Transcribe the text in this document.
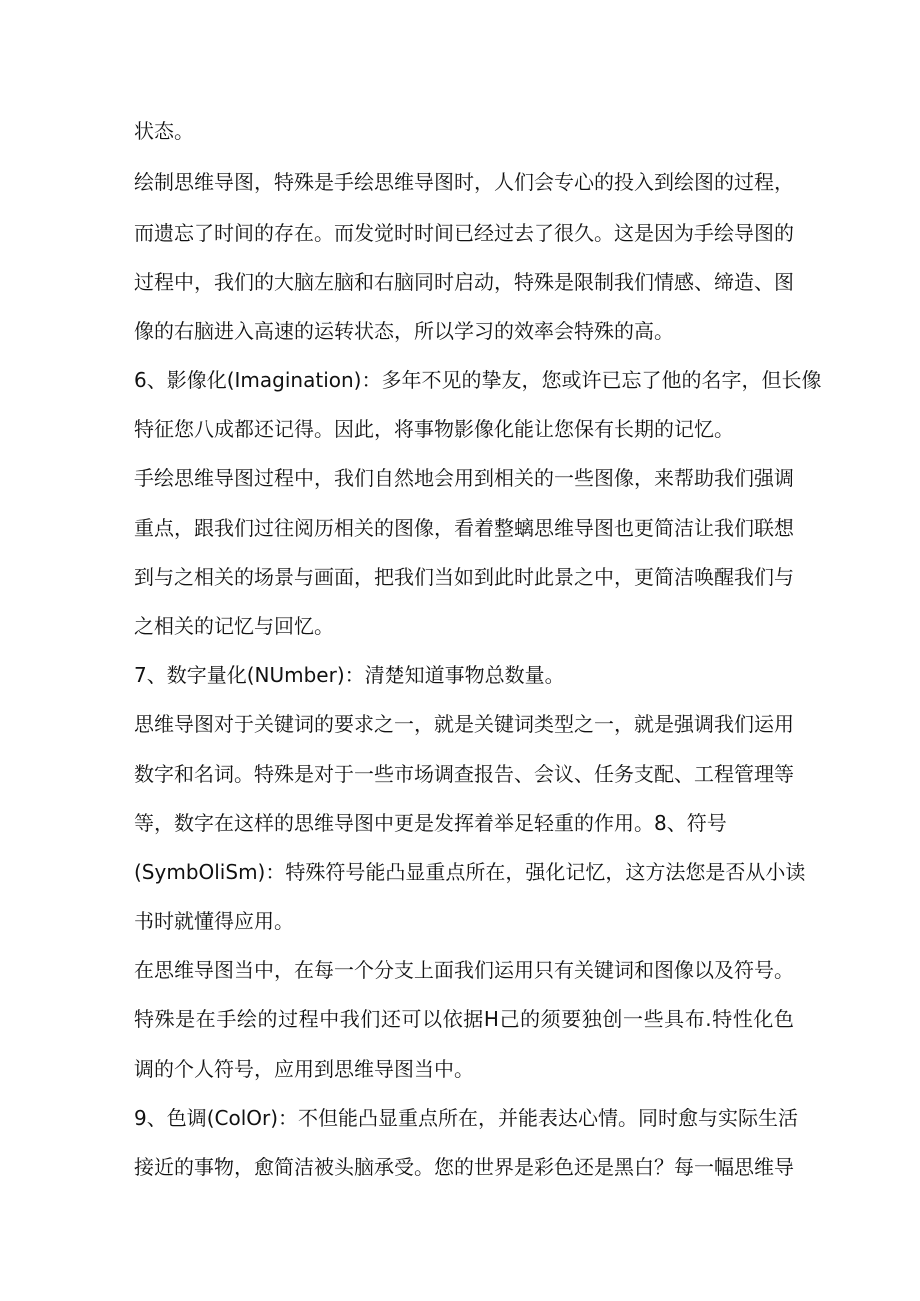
状态。
绘制思维导图，特殊是手绘思维导图时，人们会专心的投入到绘图的过程，
而遗忘了时间的存在。而发觉时时间已经过去了很久。这是因为手绘导图的
过程中，我们的大脑左脑和右脑同时启动，特殊是限制我们情感、缔造、图
像的右脑进入高速的运转状态，所以学习的效率会特殊的高。
6、影像化(Imagination)：多年不见的挚友，您或许已忘了他的名字，但长像
特征您八成都还记得。因此，将事物影像化能让您保有长期的记忆。
手绘思维导图过程中，我们自然地会用到相关的一些图像，来帮助我们强调
重点，跟我们过往阅历相关的图像，看着整螭思维导图也更简洁让我们联想
到与之相关的场景与画面，把我们当如到此时此景之中，更简洁唤醒我们与
之相关的记忆与回忆。
7、数字量化(NUmber)：清楚知道事物总数量。
思维导图对于关键词的要求之一，就是关键词类型之一，就是强调我们运用
数字和名词。特殊是对于一些市场调查报告、会议、任务支配、工程管理等
等，数字在这样的思维导图中更是发挥着举足轻重的作用。8、符号
(SymbOliSm)：特殊符号能凸显重点所在，强化记忆，这方法您是否从小读
书时就懂得应用。
在思维导图当中，在每一个分支上面我们运用只有关键词和图像以及符号。
特殊是在手绘的过程中我们还可以依据H己的须要独创一些具布.特性化色
调的个人符号，应用到思维导图当中。
9、色调(ColOr)：不但能凸显重点所在，并能表达心情。同时愈与实际生活
接近的事物，愈简洁被头脑承受。您的世界是彩色还是黑白？每一幅思维导
